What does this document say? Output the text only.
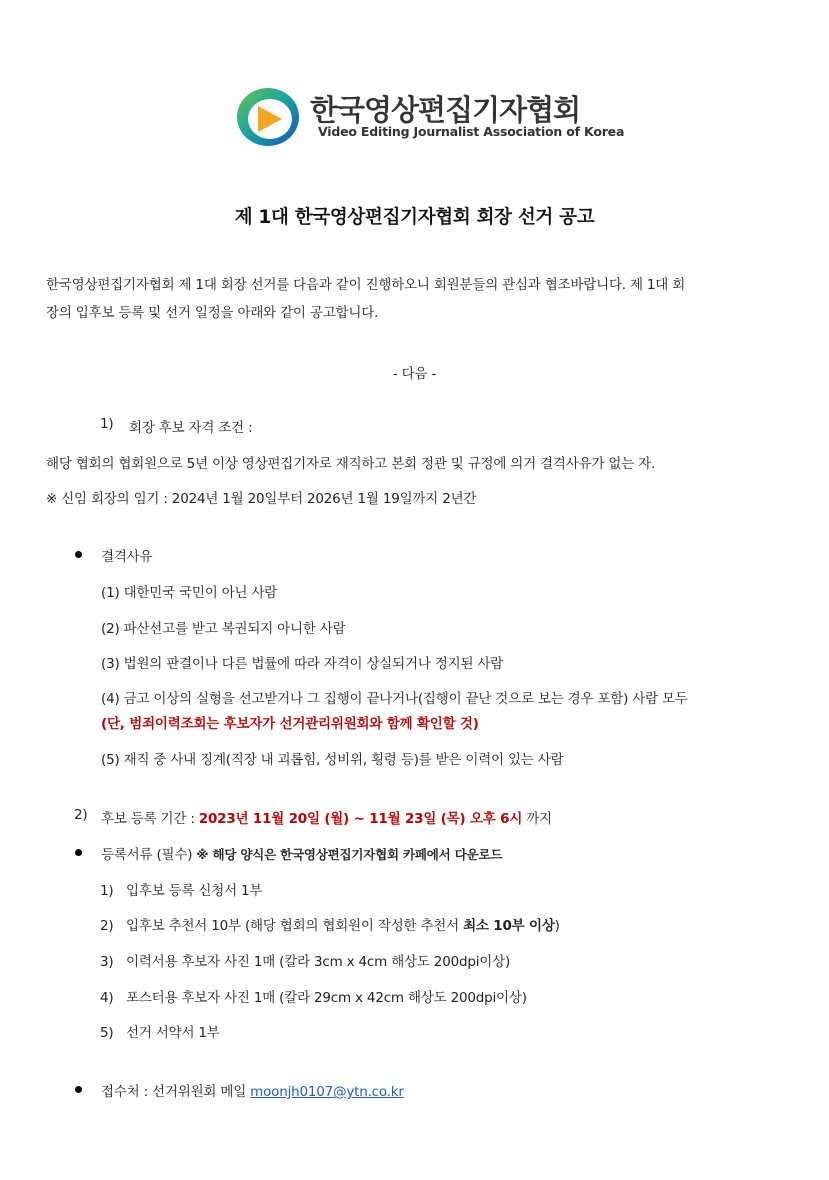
한국영상편집기자협회
Video Editing Journalist Association of Korea
제 1대 한국영상편집기자협회 회장 선거 공고
한국영상편집기자협회 제 1대 회장 선거를 다음과 같이 진행하오니 회원분들의 관심과 협조바랍니다. 제 1대 회
장의 입후보 등록 및 선거 일정을 아래와 같이 공고합니다.
- 다음 -
1) 회장 후보 자격 조건 :
해당 협회의 협회원으로 5년 이상 영상편집기자로 재직하고 본회 정관 및 규정에 의거 결격사유가 없는 자.
※ 신임 회장의 임기 : 2024년 1월 20일부터 2026년 1월 19일까지 2년간
결격사유
(1) 대한민국 국민이 아닌 사람
(2) 파산선고를 받고 복권되지 아니한 사람
(3) 법원의 판결이나 다른 법률에 따라 자격이 상실되거나 정지된 사람
(4) 금고 이상의 실형을 선고받거나 그 집행이 끝나거나(집행이 끝난 것으로 보는 경우 포함) 사람 모두
(단, 범죄이력조회는 후보자가 선거관리위원회와 함께 확인할 것)
(5) 재직 중 사내 징계(직장 내 괴롭힘, 성비위, 횡령 등)를 받은 이력이 있는 사람
2) 후보 등록 기간 : 2023년 11월 20일 (월) ~ 11월 23일 (목) 오후 6시 까지
등록서류 (필수) ※ 해당 양식은 한국영상편집기자협회 카페에서 다운로드
1) 입후보 등록 신청서 1부
2) 입후보 추천서 10부 (해당 협회의 협회원이 작성한 추천서 최소 10부 이상)
3) 이력서용 후보자 사진 1매 (칼라 3cm x 4cm 해상도 200dpi이상)
4) 포스터용 후보자 사진 1매 (칼라 29cm x 42cm 해상도 200dpi이상)
5) 선거 서약서 1부
접수처 : 선거위원회 메일 moonjh0107@ytn.co.kr
